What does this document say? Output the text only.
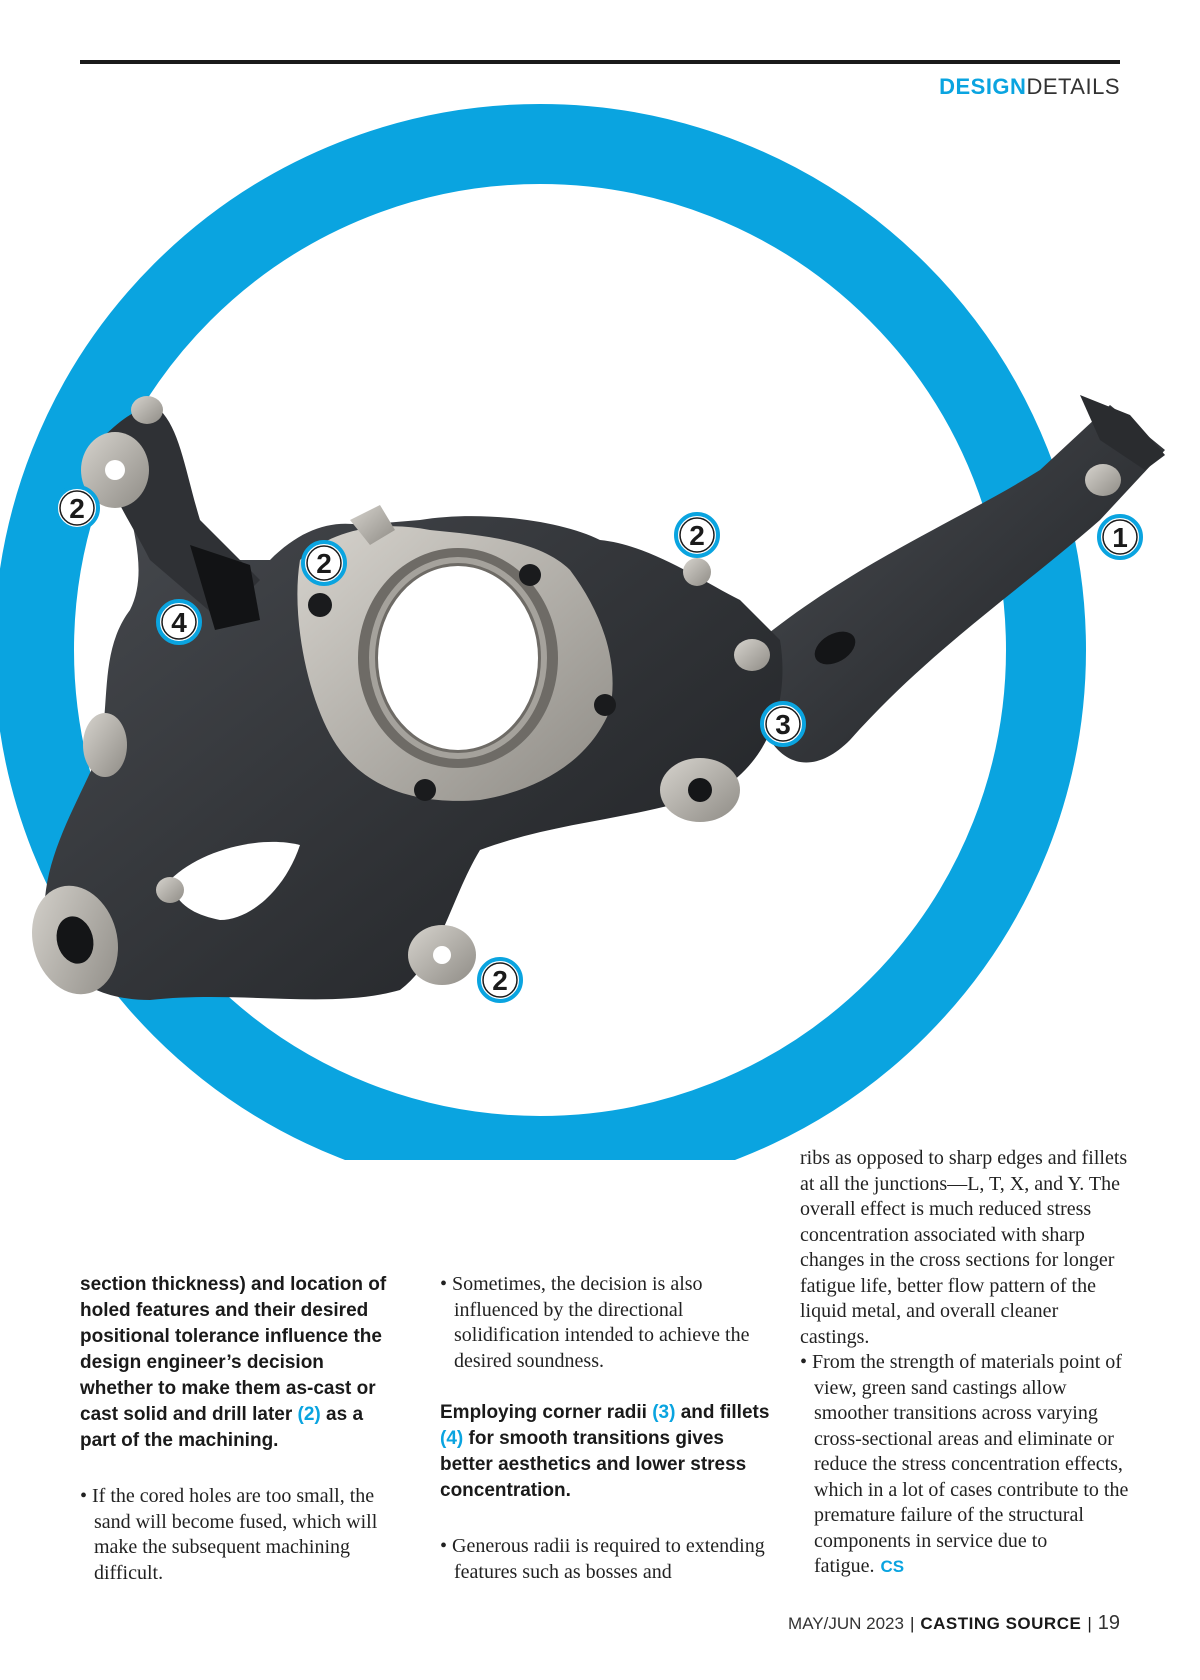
DESIGNDETAILS
2
2
2
4
1
3
2

section thickness) and location of holed features and their desired positional tolerance influence the design engineer’s decision whether to make them as-cast or cast solid and drill later (2) as a part of the machining.

• If the cored holes are too small, the sand will become fused, which will make the subsequent machining difficult.

• Sometimes, the decision is also influenced by the directional solidification intended to achieve the desired soundness.

Employing corner radii (3) and fillets (4) for smooth transitions gives better aesthetics and lower stress concentration.

• Generous radii is required to extending features such as bosses and

ribs as opposed to sharp edges and fillets at all the junctions—L, T, X, and Y. The overall effect is much reduced stress concentration associated with sharp changes in the cross sections for longer fatigue life, better flow pattern of the liquid metal, and overall cleaner castings.

• From the strength of materials point of view, green sand castings allow smoother transitions across varying cross-sectional areas and eliminate or reduce the stress concentration effects, which in a lot of cases contribute to the premature failure of the structural components in service due to fatigue. CS

MAY/JUN 2023 | CASTING SOURCE | 19
